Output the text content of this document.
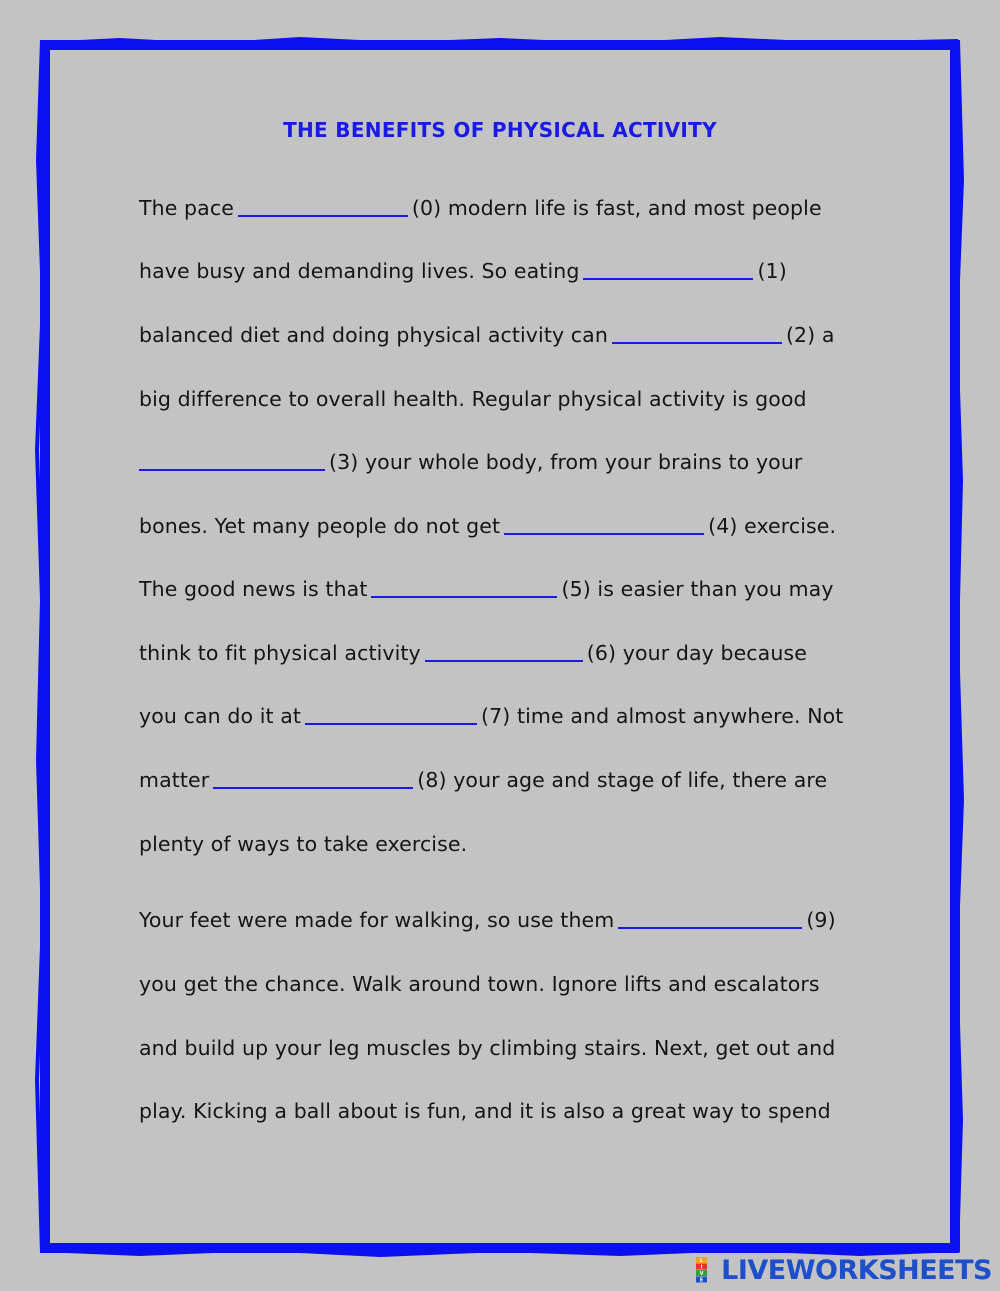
THE BENEFITS OF PHYSICAL ACTIVITY
The pace	(0) modern life is fast, and most people
have busy and demanding lives. So eating	(1)
balanced diet and doing physical activity can	(2) a
big difference to overall health. Regular physical activity is good
(3) your whole body, from your brains to your
bones. Yet many people do not get	(4) exercise.
The good news is that	(5) is easier than you may
think to fit physical activity	(6) your day because
you can do it at	(7) time and almost anywhere. Not
matter	(8) your age and stage of life, there are
plenty of ways to take exercise.
Your feet were made for walking, so use them	(9)
you get the chance. Walk around town. Ignore lifts and escalators
and build up your leg muscles by climbing stairs. Next, get out and
play. Kicking a ball about is fun, and it is also a great way to spend
L
I
V
E LIVEWORKSHEETS
